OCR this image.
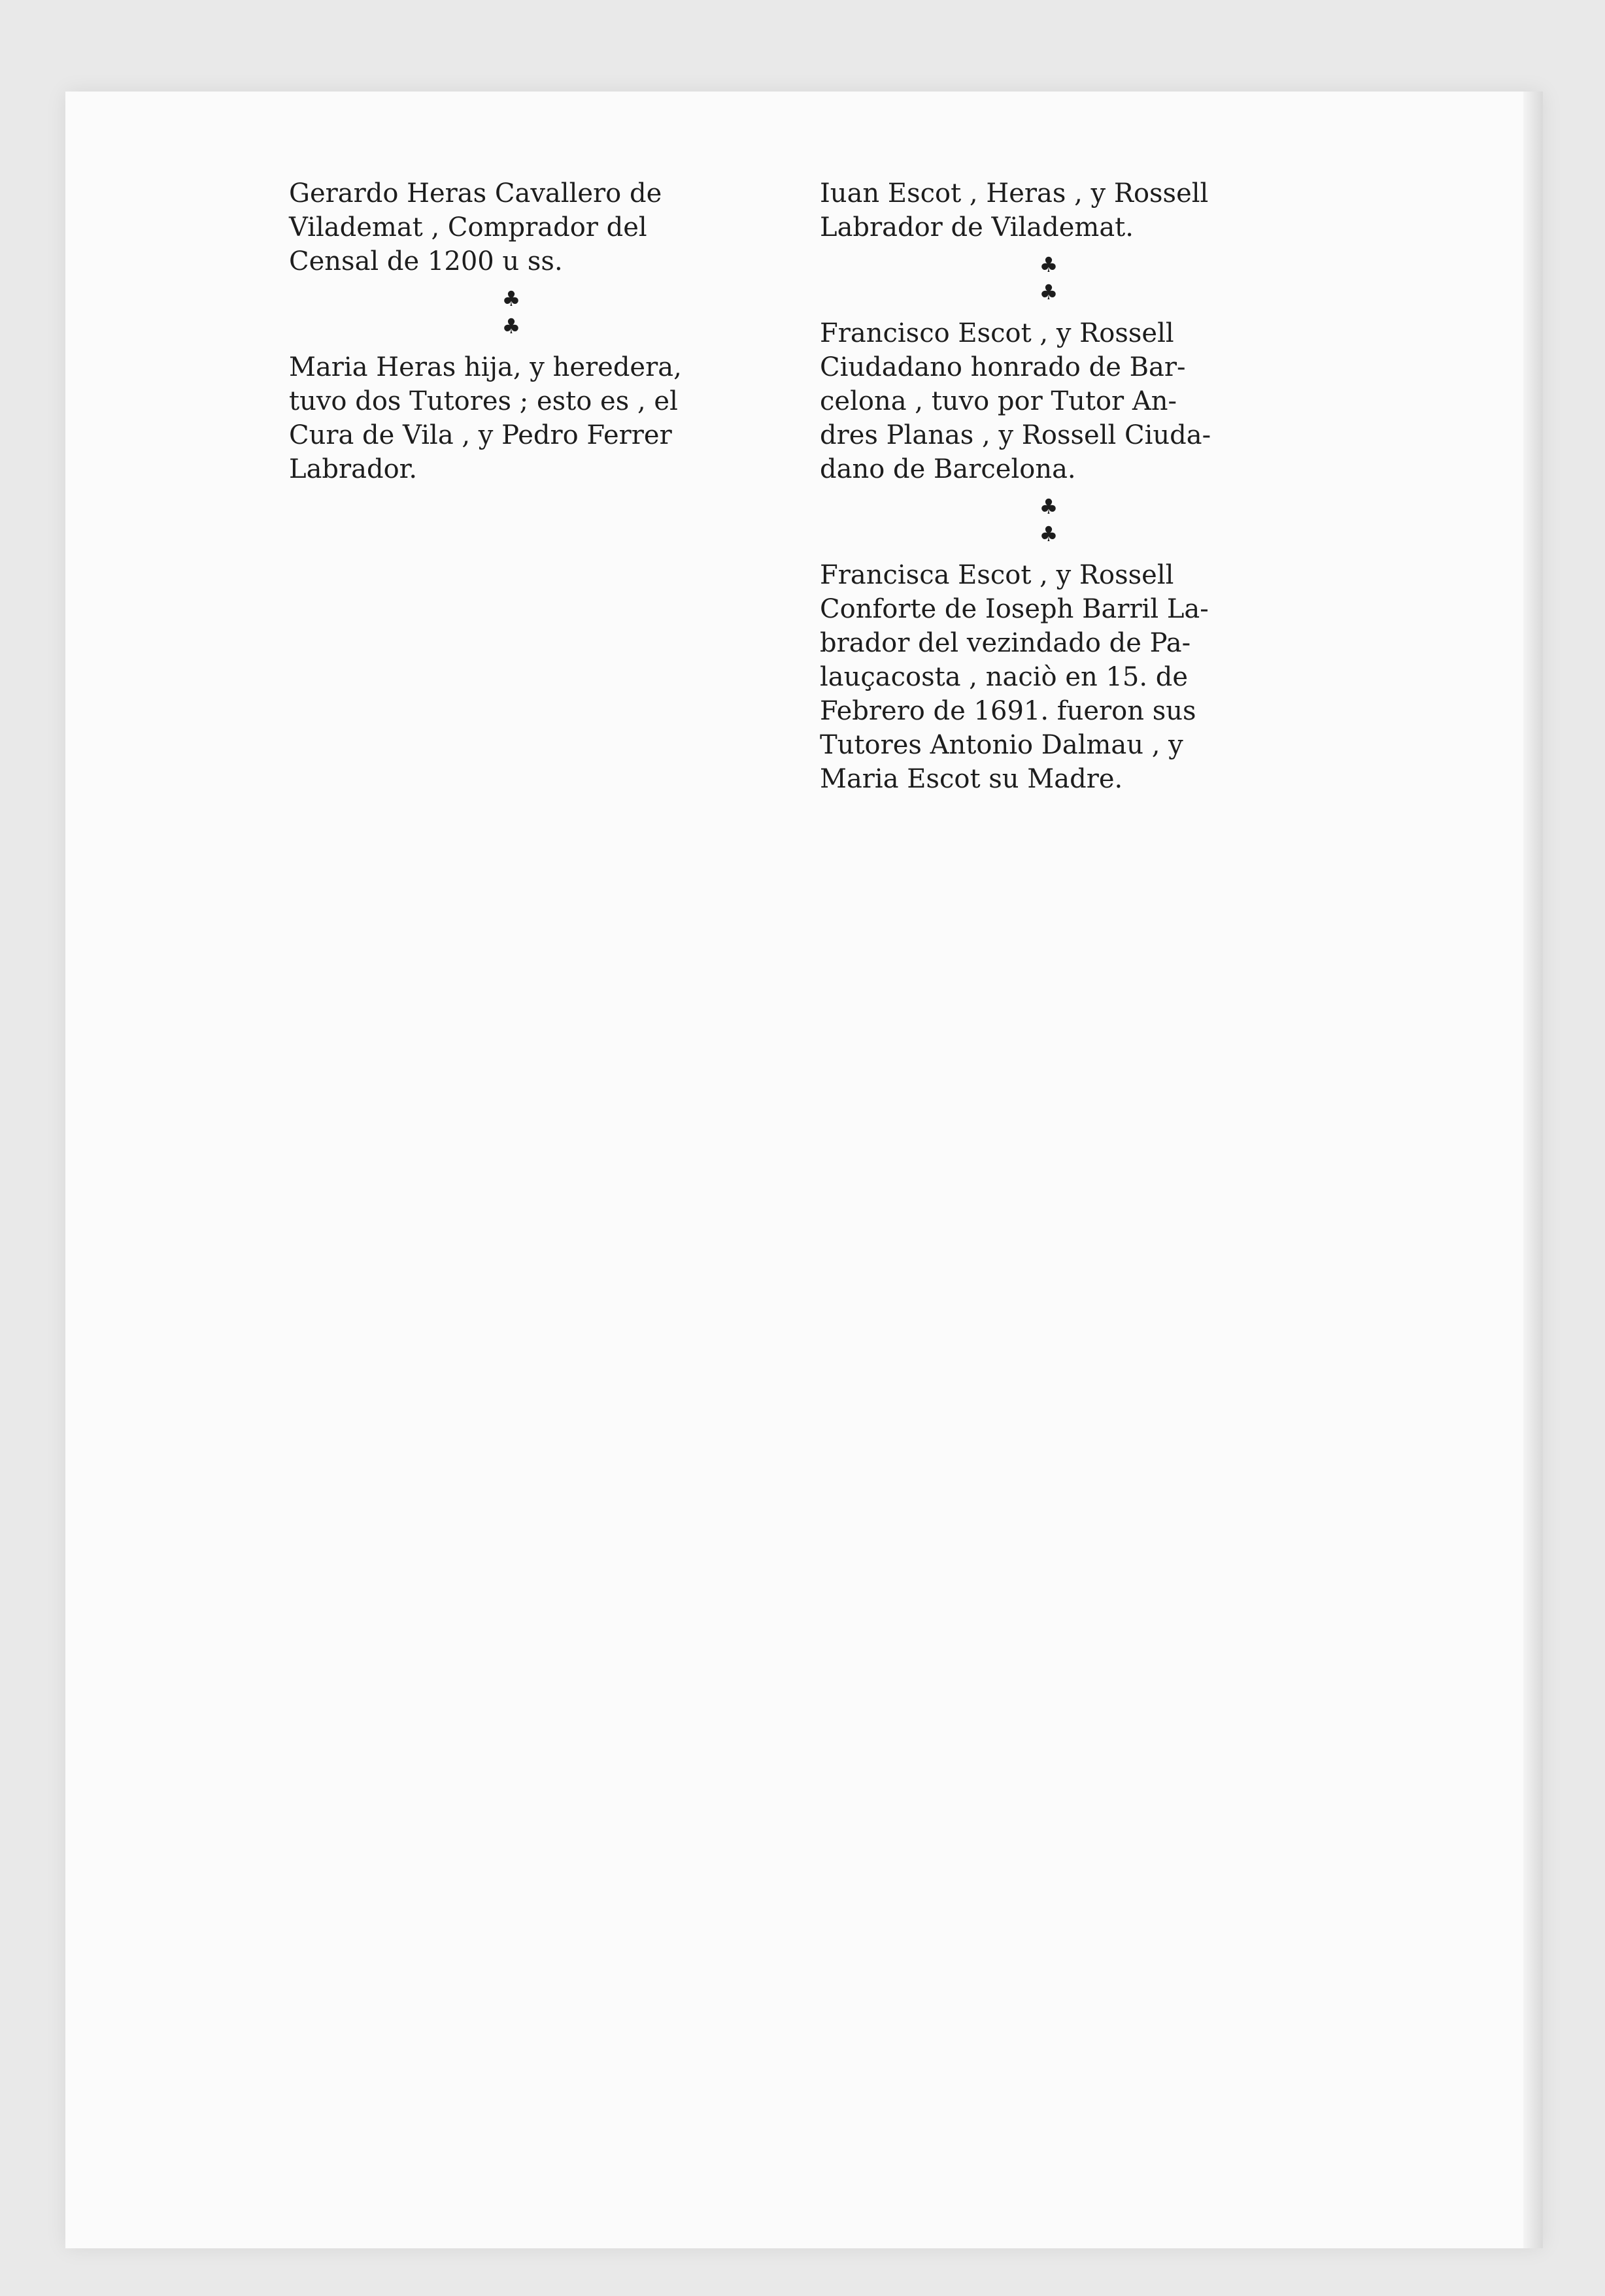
Gerardo Heras Cavallero de
Vilademat , Comprador del
Censal de 1200 u ss.

♣
♣

Maria Heras hija, y heredera,
tuvo dos Tutores ; esto es , el
Cura de Vila , y Pedro Ferrer
Labrador.

Iuan Escot , Heras , y Rossell
Labrador de Vilademat.

♣
♣

Francisco Escot , y Rossell
Ciudadano honrado de Bar-
celona , tuvo por Tutor An-
dres Planas , y Rossell Ciuda-
dano de Barcelona.

♣
♣

Francisca Escot , y Rossell
Conforte de Ioseph Barril La-
brador del vezindado de Pa-
lauçacosta , naciò en 15. de
Febrero de 1691. fueron sus
Tutores Antonio Dalmau , y
Maria Escot su Madre.
